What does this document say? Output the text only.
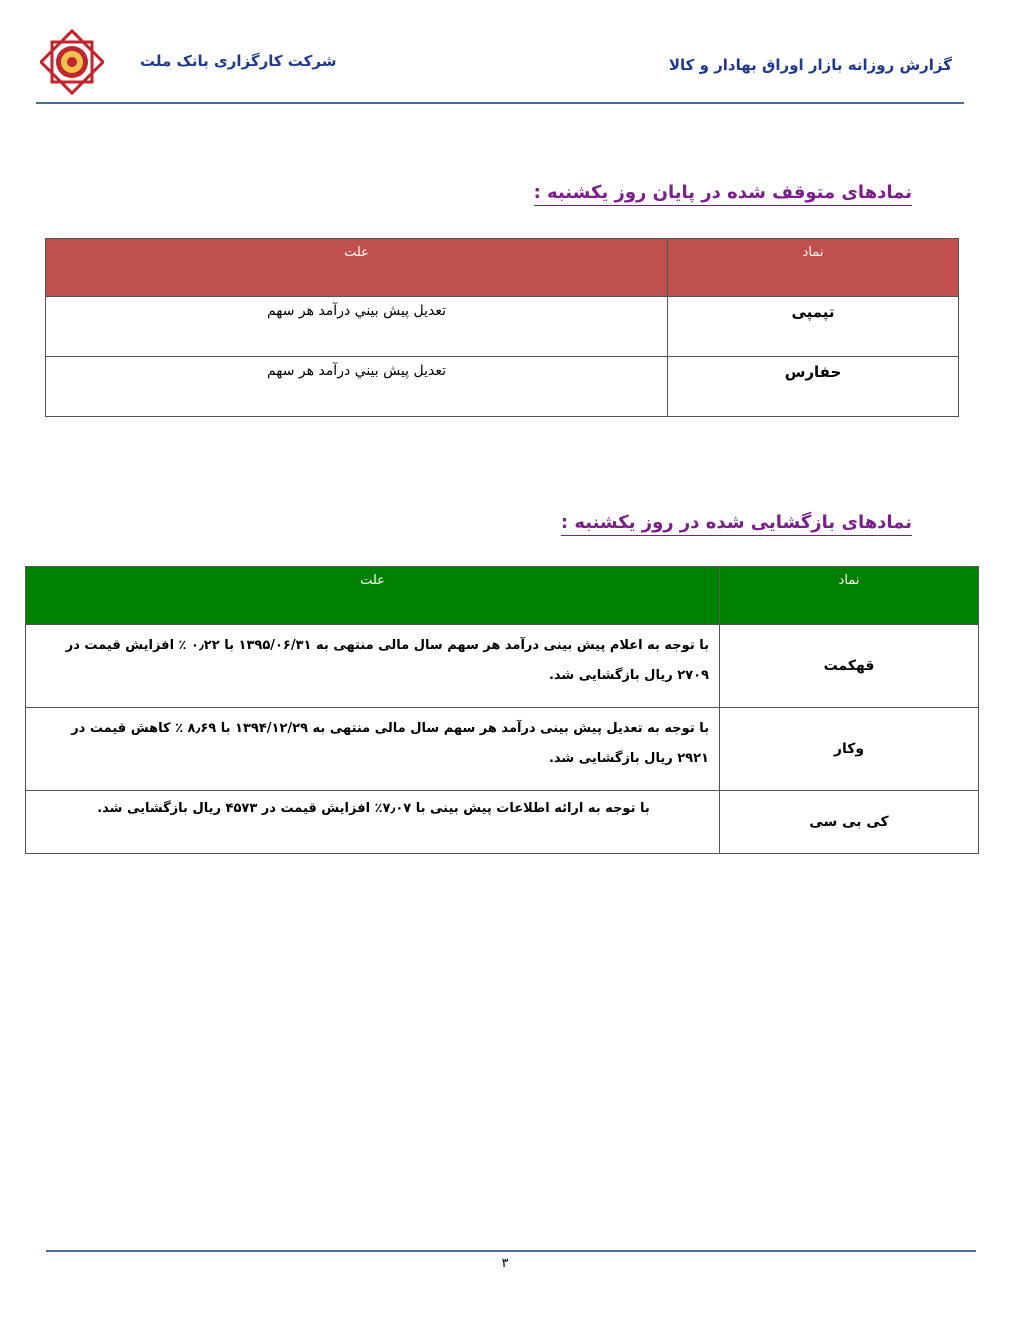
شرکت کارگزاری بانک ملت	گزارش روزانه بازار اوراق بهادار و کالا
نمادهای متوقف شده در پایان روز یکشنبه :
نماد	علت
تپمپی	تعديل پيش بيني درآمد هر سهم
حفارس	تعديل پيش بيني درآمد هر سهم
نمادهای بازگشایی شده در روز یکشنبه :
نماد	علت
قهکمت	با توجه به اعلام پیش بینی درآمد هر سهم سال مالی منتهی به ۱۳۹۵/۰۶/۳۱ با ۰٫۲۲ ٪ افزایش قیمت در ۲۷۰۹ ریال بازگشایی شد.
وکار	با توجه به تعدیل پیش بینی درآمد هر سهم سال مالی منتهی به ۱۳۹۴/۱۲/۲۹ با ۸٫۶۹ ٪ کاهش قیمت در ۲۹۲۱ ریال بازگشایی شد.
کی بی سی	با توجه به ارائه اطلاعات پیش بینی با ۷٫۰۷٪ افزایش قیمت در ۴۵۷۳ ریال بازگشایی شد.
۳
